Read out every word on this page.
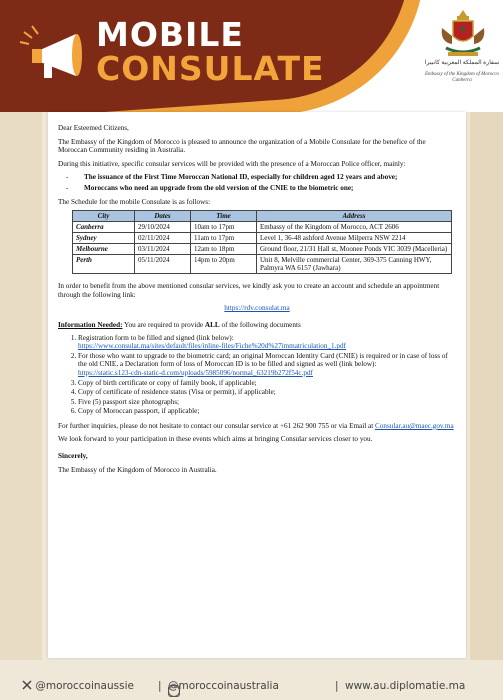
MOBILE
CONSULATE	سفارة المملكة المغربية كانبيرا
Embassy of the Kingdom of Morocco Canberra

Dear Esteemed Citizens,

The Embassy of the Kingdom of Morocco is pleased to announce the organization of a Mobile Consulate for the benefice of the Moroccan Community residing in Australia.

During this initiative, specific consular services will be provided with the presence of a Moroccan Police officer, mainly:

- The issuance of the First Time Moroccan National ID, especially for children aged 12 years and above;
- Moroccans who need an upgrade from the old version of the CNIE to the biometric one;

The Schedule for the mobile Consulate is as follows:

City	Dates	Time	Address
Canberra	29/10/2024	10am to 17pm	Embassy of the Kingdom of Morocco, ACT 2606
Sydney	02/11/2024	11am to 17pm	Level 1, 36-48 ashford Avenue Milperra NSW 2214
Melbourne	03/11/2024	12am to 18pm	Ground floor, 21/31 Hall st, Moonee Ponds VIC 3039 (Macelleria)
Perth	05/11/2024	14pm to 20pm	Unit 8, Melville commercial Center, 369-375 Canning HWY, Palmyra WA 6157 (Jawhara)

In order to benefit from the above mentioned consular services, we kindly ask you to create an account and schedule an appointment through the following link:

https://rdv.consulat.ma

Information Needed: You are required to provide ALL of the following documents

1. Registration form to be filled and signed (link below):
https://www.consulat.ma/sites/default/files/inline-files/Fiche%20d%27immatriculation_1.pdf
2. For those who want to upgrade to the biometric card; an original Moroccan Identity Card (CNIE) is required or in case of loss of the old CNIE, a Declaration form of loss of Moroccan ID is to be filled and signed as well (link below):
https://static.s123-cdn-static-d.com/uploads/5985096/normal_63219b272f54c.pdf
3. Copy of birth certificate or copy of family book, if applicable;
4. Copy of certificate of residence status (Visa or permit), if applicable;
5. Five (5) passport size photographs;
6. Copy of Moroccan passport, if applicable;

For further inquiries, please do not hesitate to contact our consular service at +61 262 900 755 or via Email at Consular.au@maec.gov.ma

We look forward to your participation in these events which aims at bringing Consular services closer to you.

Sincerely,

The Embassy of the Kingdom of Morocco in Australia.

@moroccoinaussie | @moroccoinaustralia	| www.au.diplomatie.ma
